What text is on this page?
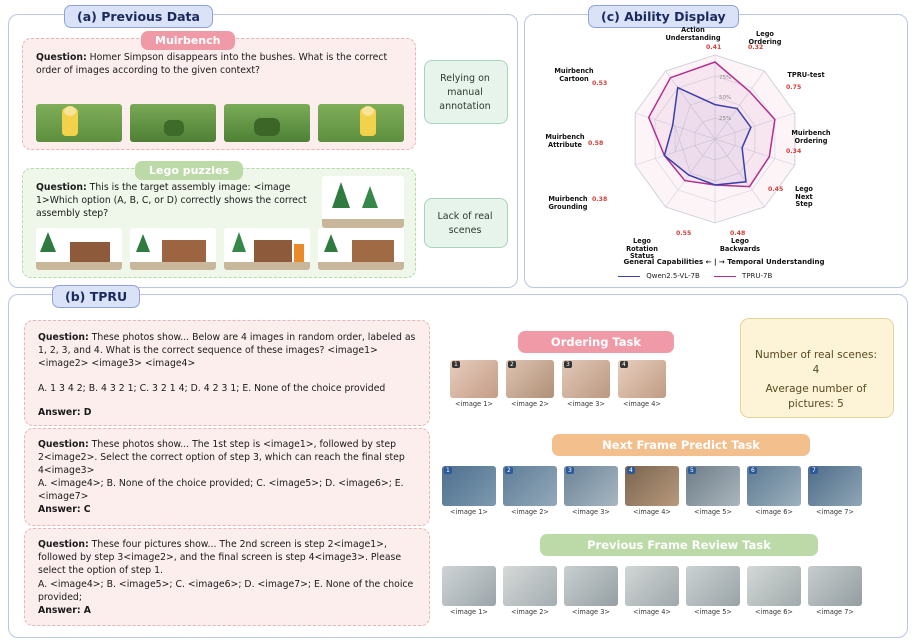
(a) Previous Data
Muirbench
Question: Homer Simpson disappears into the bushes. What is the correct order of images according to the given context?
Relying on manual annotation
Lego puzzles
Question: This is the target assembly image: <image 1>Which option (A, B, C, or D) correctly shows the correct assembly step?	Lack of real scenes
(c) Ability Display
75%
50%
25%
Action Understanding	Lego Ordering
TPRU-test
Muirbench Ordering
Lego Next Step
Lego Backwards
Lego Rotation Status
Muirbench Grounding
Muirbench Attribute
Muirbench Cartoon
0.41	0.32
0.75
0.34
0.45
0.48
0.55
0.38
0.58
0.53
General Capabilities ← | → Temporal Understanding
Qwen2.5-VL-7B	TPRU-7B
(b) TPRU
Number of real scenes: 4
Average number of pictures: 5
Question: These photos show... Below are 4 images in random order, labeled as 1, 2, 3, and 4. What is the correct sequence of these images? <image1> <image2> <image3> <image4>
A. 1 3 4 2; B. 4 3 2 1; C. 3 2 1 4; D. 4 2 3 1; E. None of the choice provided
Answer: D
Ordering Task
1
<image 1>
2
<image 2>
3
<image 3>
4
<image 4>
Question: These photos show... The 1st step is <image1>, followed by step 2<image2>. Select the correct option of step 3, which can reach the final step 4<image3>
A. <image4>; B. None of the choice provided; C. <image5>; D. <image6>; E. <image7>
Answer: C
Next Frame Predict Task
1
<image 1>
2
<image 2>
3
<image 3>
4
<image 4>
5
<image 5>
6
<image 6>
7
<image 7>
Question: These four pictures show... The 2nd screen is step 2<image1>, followed by step 3<image2>, and the final screen is step 4<image3>. Please select the option of step 1.
A. <image4>; B. <image5>; C. <image6>; D. <image7>; E. None of the choice provided;
Answer: A
Previous Frame Review Task
<image 1>	<image 2>	<image 3>	<image 4>	<image 5>	<image 6>	<image 7>
